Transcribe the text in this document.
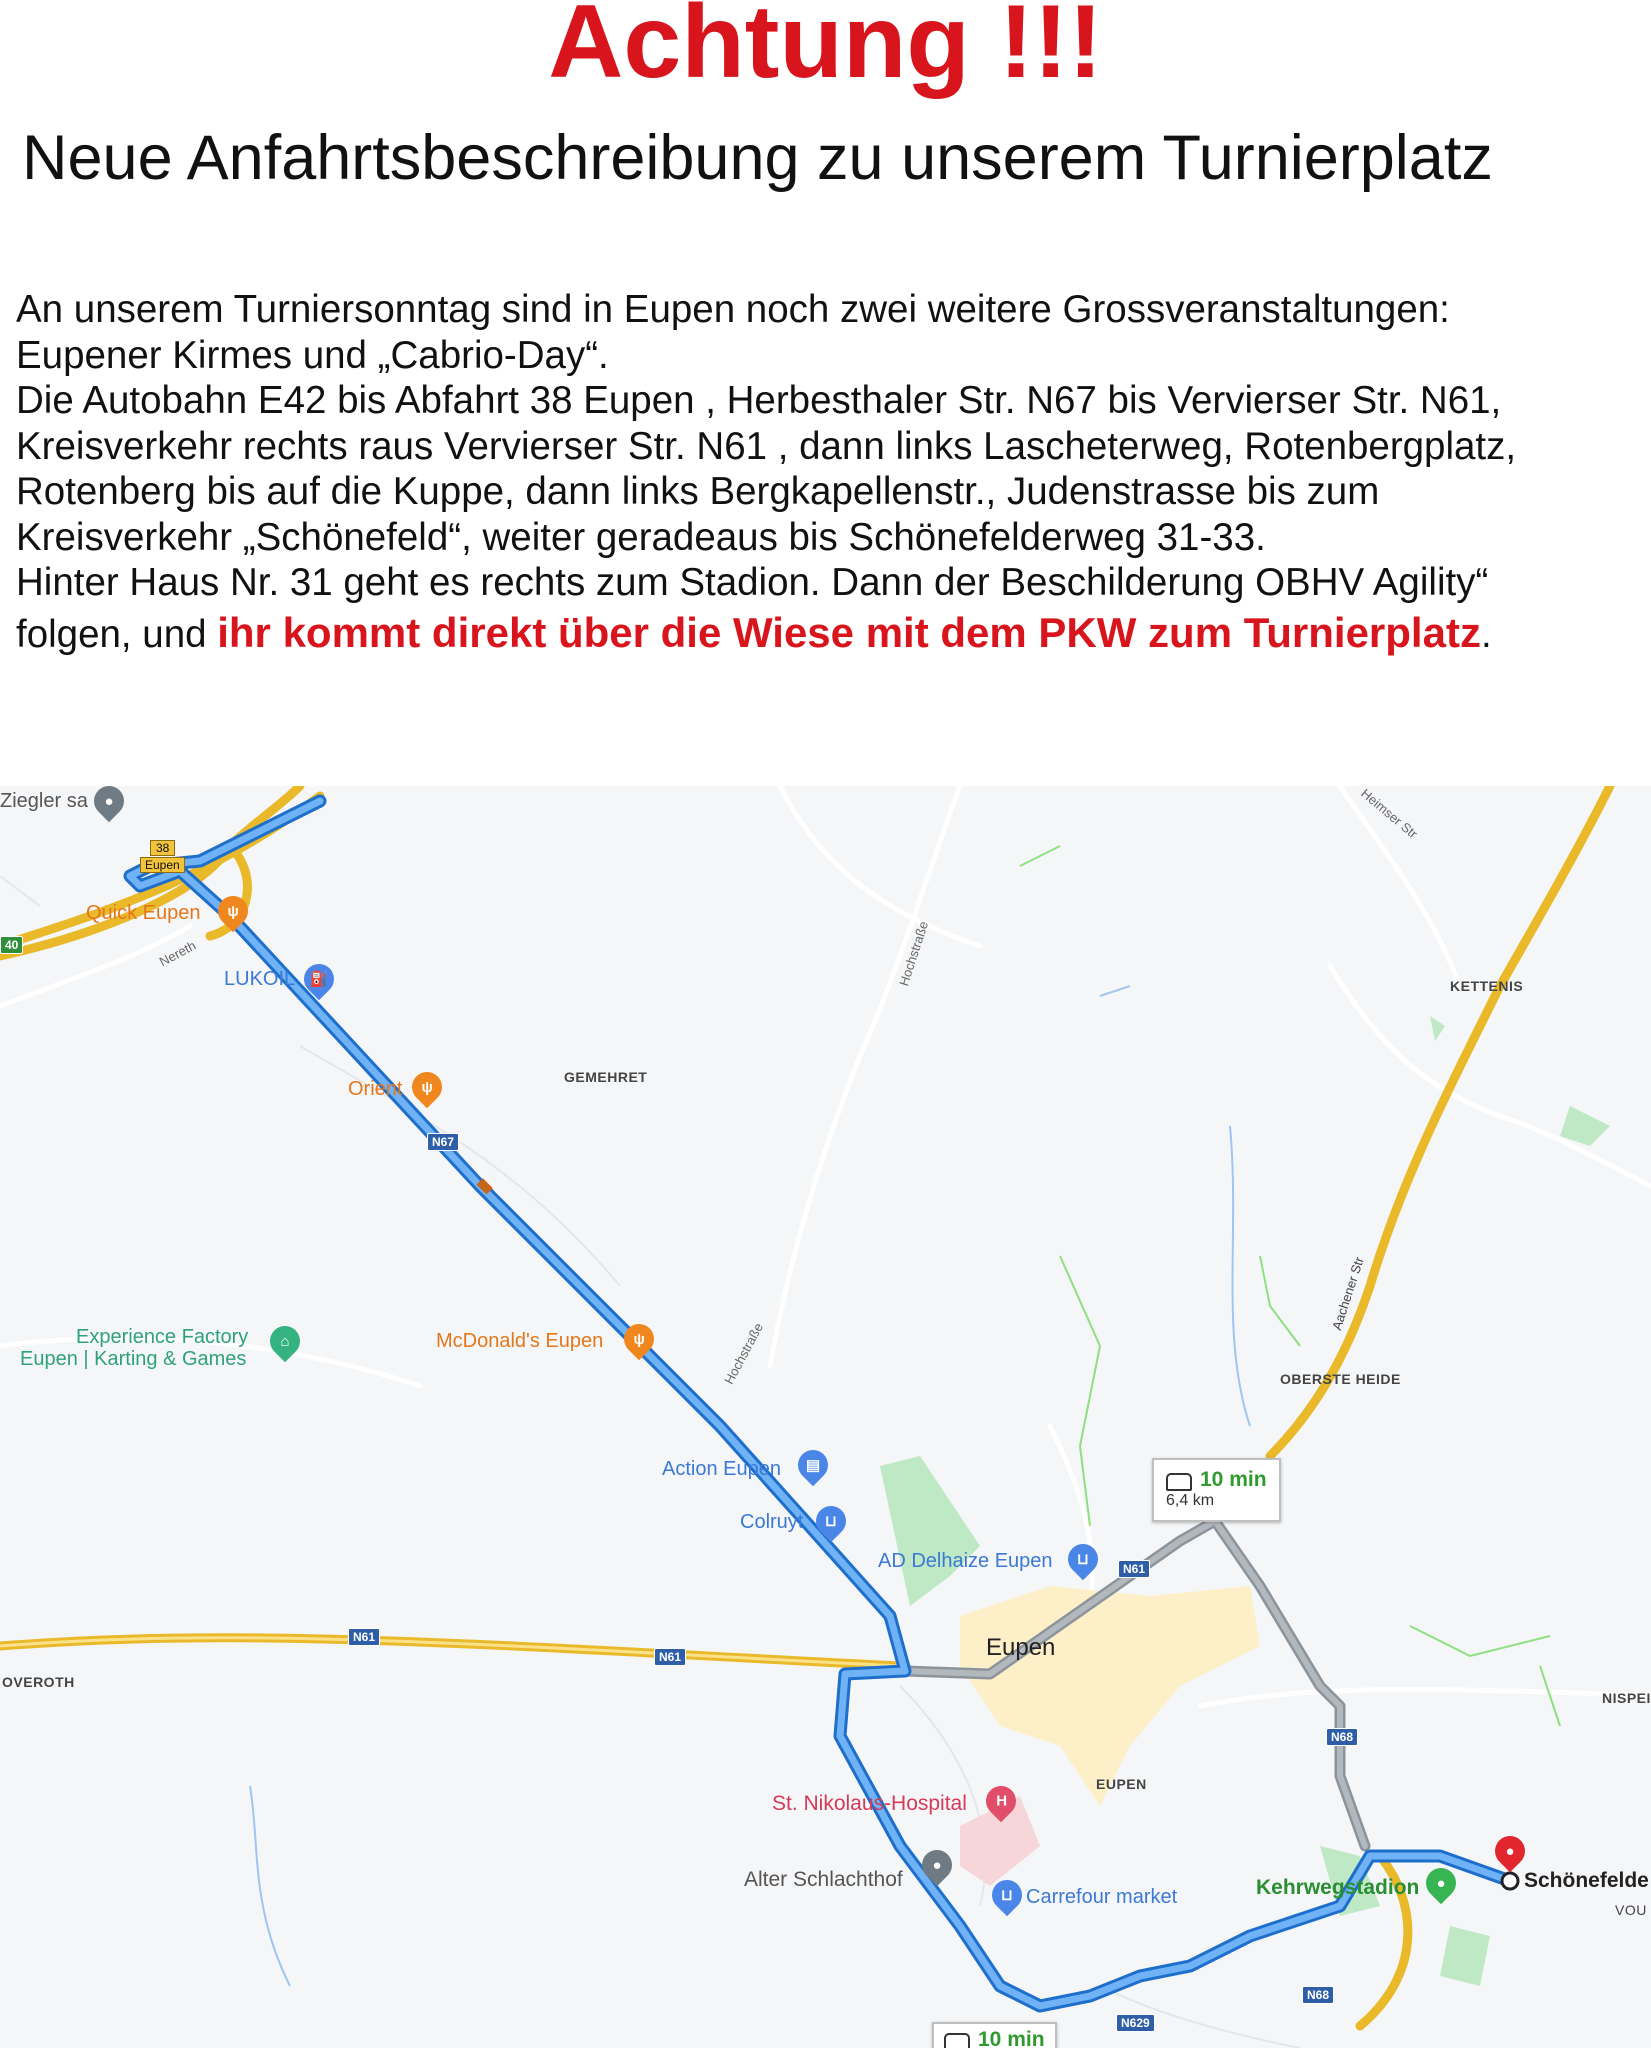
Achtung !!!
Neue Anfahrtsbeschreibung zu unserem Turnierplatz

An unserem Turniersonntag sind in Eupen noch zwei weitere Grossveranstaltungen:

Eupener Kirmes und „Cabrio-Day“.

Die Autobahn E42 bis Abfahrt 38 Eupen , Herbesthaler Str. N67 bis Vervierser Str. N61,

Kreisverkehr rechts raus Vervierser Str. N61 , dann links Lascheterweg, Rotenbergplatz,

Rotenberg bis auf die Kuppe, dann links Bergkapellenstr., Judenstrasse bis zum

Kreisverkehr „Schönefeld“, weiter geradeaus bis Schönefelderweg 31-33.

Hinter Haus Nr. 31 geht es rechts zum Stadion. Dann der Beschilderung OBHV Agility“

folgen, und ihr kommt direkt über die Wiese mit dem PKW zum Turnierplatz.

Ziegler sa ●
38
Eupen
40
Quick Eupen ψ
Nereth
LUKOIL ⛽
Orient ψ
GEMEHRET
N67
Hochstraße
Hochstraße
KETTENIS
Aachener Str
Heimser Str
Experience Factory
Eupen | Karting & Games
⌂	McDonald's Eupen ψ
OBERSTE HEIDE
Action Eupen ▤
Colruyt ⊔
AD Delhaize Eupen ⊔
N61
10 min
6,4 km
Eupen
N61
N61
OVEROTH
NISPEI
N68
EUPEN
St. Nikolaus-Hospital H
Alter Schlachthof
●
⊔ Carrefour market	Kehrwegstadion ●
●
Schönefelde
VOU
N68
N629
10 min
